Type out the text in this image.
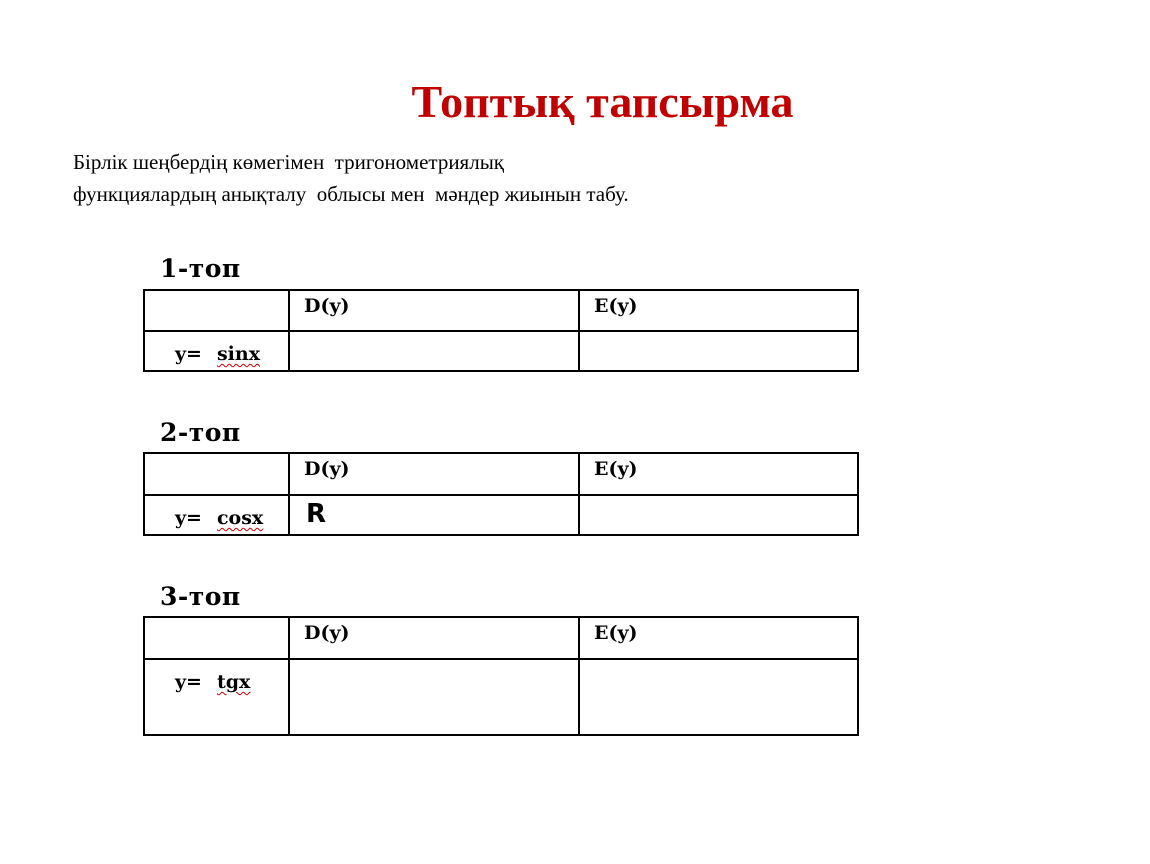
Топтық тапсырма

Бірлік шеңбердің көмегімен  тригонометриялық

функциялардың анықталу  облысы мен  мәндер жиынын табу.

1-топ
	D(y)	E(y)
y= sinx		
2-топ
	D(y)	E(y)
y= cosx	R	
3-топ
	D(y)	E(y)
y= tgx		
